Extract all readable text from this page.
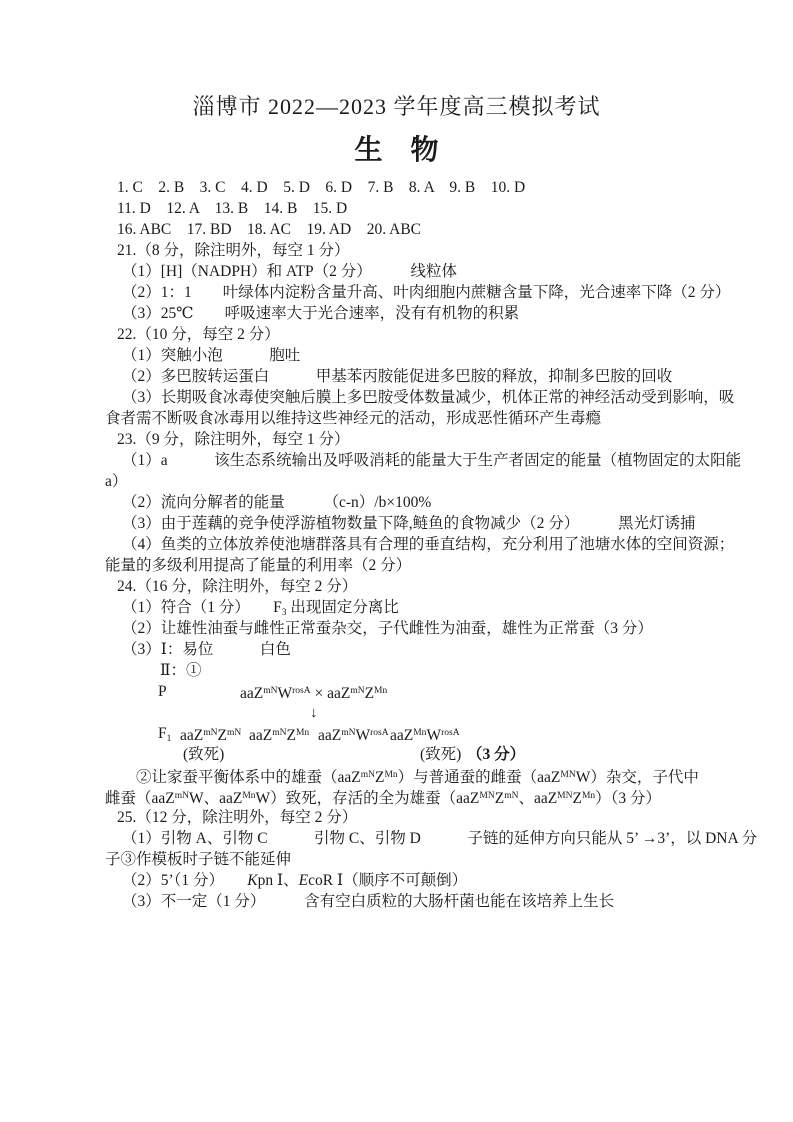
淄博市 2022—2023 学年度高三模拟考试
生　物
1. C　2. B　3. C　4. D　5. D　6. D　7. B　8. A　9. B　10. D
11. D　12. A　13. B　14. B　15. D
16. ABC　17. BD　18. AC　19. AD　20. ABC
21.（8 分，除注明外，每空 1 分）
（1）[H]（NADPH）和 ATP（2 分）　　　线粒体
（2）1：1　　叶绿体内淀粉含量升高、叶肉细胞内蔗糖含量下降，光合速率下降（2 分）
（3）25℃　　呼吸速率大于光合速率，没有有机物的积累
22.（10 分，每空 2 分）
（1）突触小泡　　　胞吐
（2）多巴胺转运蛋白　　　甲基苯丙胺能促进多巴胺的释放，抑制多巴胺的回收
（3）长期吸食冰毒使突触后膜上多巴胺受体数量减少，机体正常的神经活动受到影响，吸
食者需不断吸食冰毒用以维持这些神经元的活动，形成恶性循环产生毒瘾
23.（9 分，除注明外，每空 1 分）
（1）a　　　该生态系统输出及呼吸消耗的能量大于生产者固定的能量（植物固定的太阳能
a）
（2）流向分解者的能量　　　（c-n）/b×100%
（3）由于莲藕的竞争使浮游植物数量下降,鲢鱼的食物减少（2 分）　　　黑光灯诱捕
（4）鱼类的立体放养使池塘群落具有合理的垂直结构，充分利用了池塘水体的空间资源；
能量的多级利用提高了能量的利用率（2 分）
24.（16 分，除注明外，每空 2 分）
（1）符合（1 分）　　F3 出现固定分离比
（2）让雄性油蚕与雌性正常蚕杂交，子代雌性为油蚕，雄性为正常蚕（3 分）
（3）Ⅰ：易位　　　白色
Ⅱ：①
P	$aaZ^{mN}W^{rosA} \times aaZ^{mN}Z^{Mn}$
↓
F1 $aaZ^{mN}Z^{mN}$ $aaZ^{mN}Z^{Mn}$ $aaZ^{mN}W^{rosA}$ $aaZ^{Mn}W^{rosA}$
(致死)	(致死) （3 分）
　　②让家蚕平衡体系中的雄蚕$(aaZ^{mN}Z^{Mn})$与普通蚕的雌蚕（aaZ$^{MN}$W）杂交，子代中
雌蚕（aaZ$^{mN}$W、aaZ$^{Mn}$W）致死，存活的全为雄蚕（$aaZ^{MN}Z^{mN}$、$aaZ^{MN}Z^{Mn})(3$ 分）
25.（12 分，除注明外，每空 2 分）
（1）引物 A、引物 C　　　引物 C、引物 D　　　子链的延伸方向只能从 5’ →3’，以 DNA 分
子③作模板时子链不能延伸
（2）5’（1 分）　　Kpn Ⅰ、EcoR Ⅰ（顺序不可颠倒）
（3）不一定（1 分）　　　含有空白质粒的大肠杆菌也能在该培养上生长
